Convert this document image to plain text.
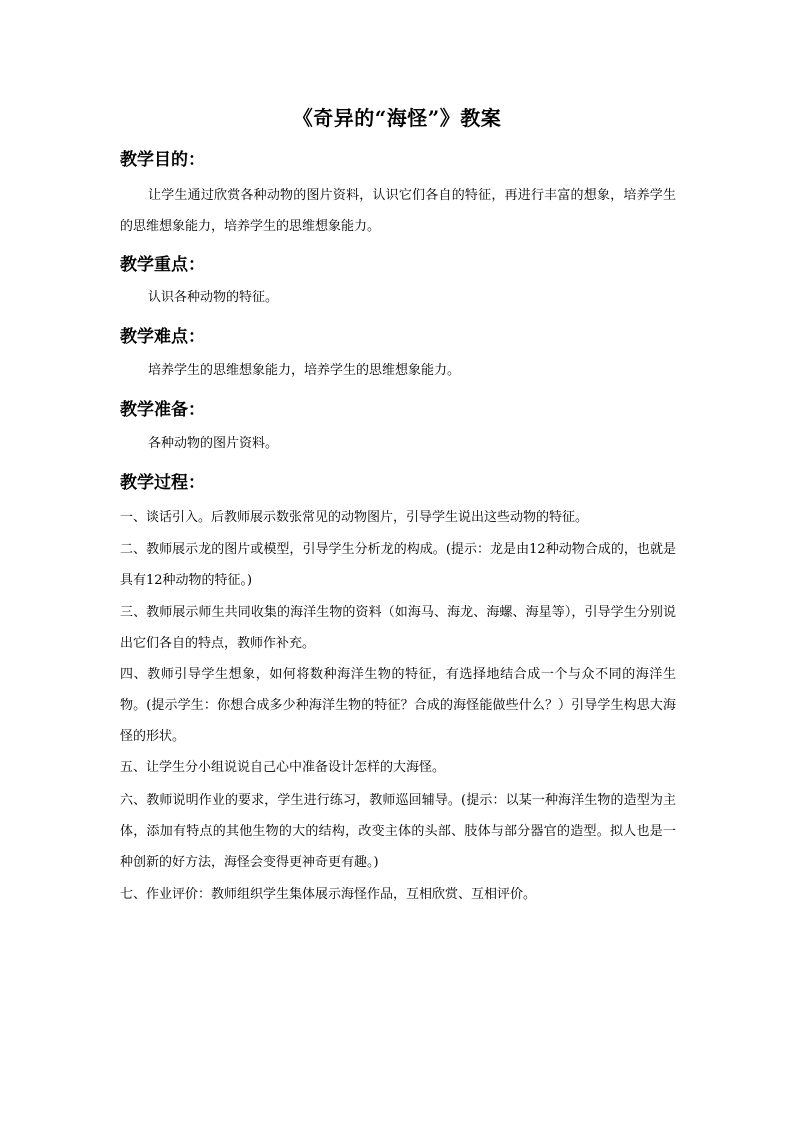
《奇异的“海怪”》教案
教学目的：
让学生通过欣赏各种动物的图片资料，认识它们各自的特征，再进行丰富的想象，培养学生的思维想象能力，培养学生的思维想象能力。
教学重点：
认识各种动物的特征。
教学难点：
培养学生的思维想象能力，培养学生的思维想象能力。
教学准备：
各种动物的图片资料。
教学过程：
一、谈话引入。后教师展示数张常见的动物图片，引导学生说出这些动物的特征。
二、教师展示龙的图片或模型，引导学生分析龙的构成。(提示：龙是由12种动物合成的，也就是具有12种动物的特征。)
三、教师展示师生共同收集的海洋生物的资料（如海马、海龙、海螺、海星等），引导学生分别说出它们各自的特点，教师作补充。
四、教师引导学生想象，如何将数种海洋生物的特征，有选择地结合成一个与众不同的海洋生物。(提示学生：你想合成多少种海洋生物的特征？合成的海怪能做些什么？）引导学生构思大海怪的形状。
五、让学生分小组说说自己心中准备设计怎样的大海怪。
六、教师说明作业的要求，学生进行练习，教师巡回辅导。(提示：以某一种海洋生物的造型为主体，添加有特点的其他生物的大的结构，改变主体的头部、肢体与部分器官的造型。拟人也是一种创新的好方法，海怪会变得更神奇更有趣。)
七、作业评价：教师组织学生集体展示海怪作品，互相欣赏、互相评价。
